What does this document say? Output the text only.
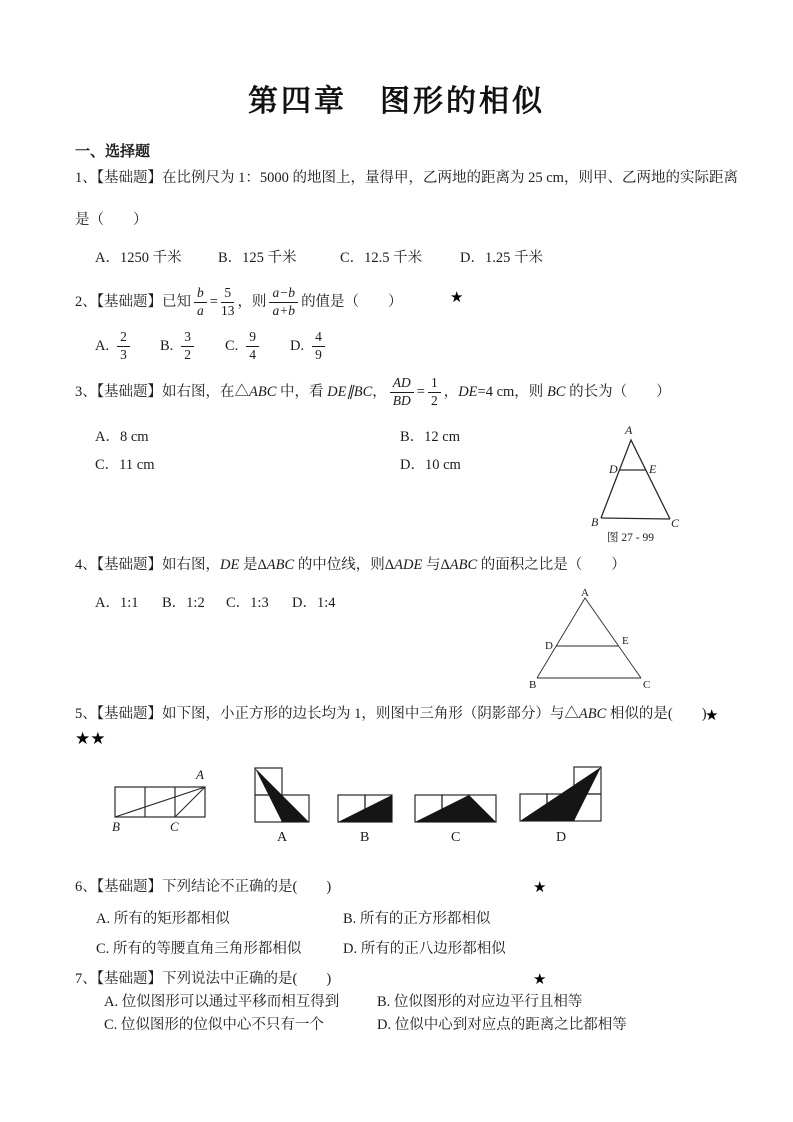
第四章　图形的相似
一、选择题
1、【基础题】在比例尺为 1：5000 的地图上，量得甲，乙两地的距离为 25 cm，则甲、乙两地的实际距离
是（　　）
A．1250 千米	B．125 千米	C．12.5 千米	D．1.25 千米
2、【基础题】已知 $\frac{b}{a} = \frac{5}{13}$ ，则 $\frac{a-b}{a+b}$ 的值是（　　）	★
A. $\frac{2}{3} B$. $\frac{3}{2} C$. $\frac{9}{4} D$. $\frac{4}{9}$
3、【基础题】如右图，在△ ABC 中，看 DE∥BC ， $\frac{AD}{BD} = \frac{1}{2}$ ， DE =4 cm，则 BC 的长为（　　）
A．8 cm	B．12 cm
C．11 cm	D．10 cm
A
D	E
B	C
图 27 - 99
4、【基础题】如右图，DE 是ΔABC 的中位线，则ΔADE 与ΔABC 的面积之比是（　　）
A．1:1 B．1:2 C．1:3 D．1:4
A
D	E
B	C
5、【基础题】如下图，小正方形的边长均为 1，则图中三角形（阴影部分）与△ABC 相似的是(　　)
★
★★
A
B	C
A	B	C	D
6、【基础题】下列结论不正确的是(　　)	★
A. 所有的矩形都相似	B. 所有的正方形都相似
C. 所有的等腰直角三角形都相似	D. 所有的正八边形都相似
7、【基础题】下列说法中正确的是(　　)	★
A. 位似图形可以通过平移而相互得到	B. 位似图形的对应边平行且相等
C. 位似图形的位似中心不只有一个	D. 位似中心到对应点的距离之比都相等
